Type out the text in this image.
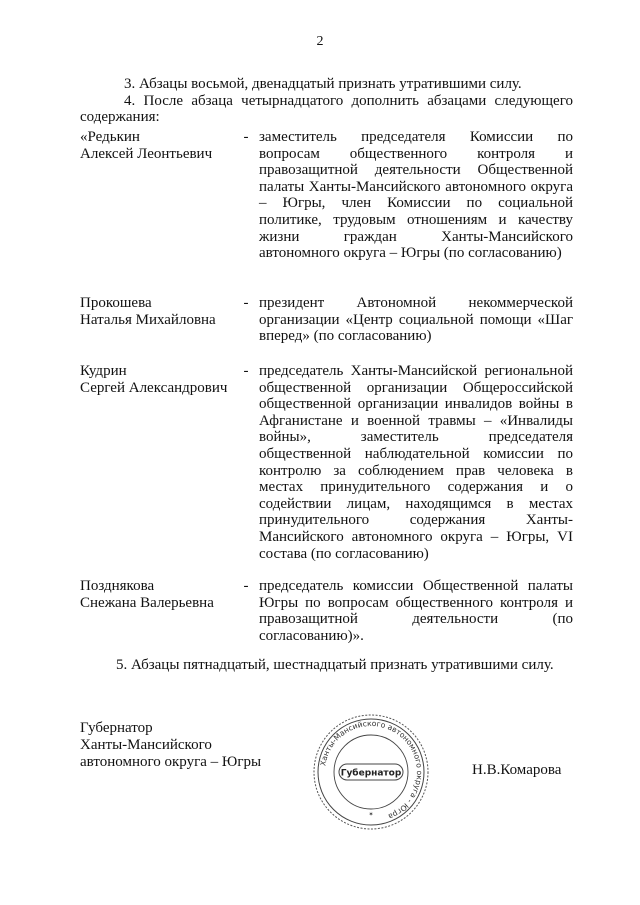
2
3. Абзацы восьмой, двенадцатый признать утратившими силу.
4. После абзаца четырнадцатого дополнить абзацами следующего содержания:
«Редькин
Алексей Леонтьевич
- заместитель председателя Комиссии по вопросам общественного контроля и правозащитной деятельности Общественной палаты Ханты-Мансийского автономного округа – Югры, член Комиссии по социальной политике, трудовым отношениям и качеству жизни граждан Ханты-Мансийского автономного округа – Югры (по согласованию)
Прокошева
Наталья Михайловна
- президент Автономной некоммерческой организации «Центр социальной помощи «Шаг вперед» (по согласованию)
Кудрин
Сергей Александрович
- председатель Ханты-Мансийской региональной общественной организации Общероссийской общественной организации инвалидов войны в Афганистане и военной травмы – «Инвалиды войны», заместитель председателя общественной наблюдательной комиссии по контролю за соблюдением прав человека в местах принудительного содержания и о содействии лицам, находящимся в местах принудительного содержания Ханты-Мансийского автономного округа – Югры, VI состава (по согласованию)
Позднякова
Снежана Валерьевна
- председатель комиссии Общественной палаты Югры по вопросам общественного контроля и правозащитной деятельности (по согласованию)».
5. Абзацы пятнадцатый, шестнадцатый признать утратившими силу.
Губернатор
Ханты-Мансийского
автономного округа – Югры	Н.В.Комарова
Ханты-Мансийского автономного округа - Югра
Губернатор
✶
